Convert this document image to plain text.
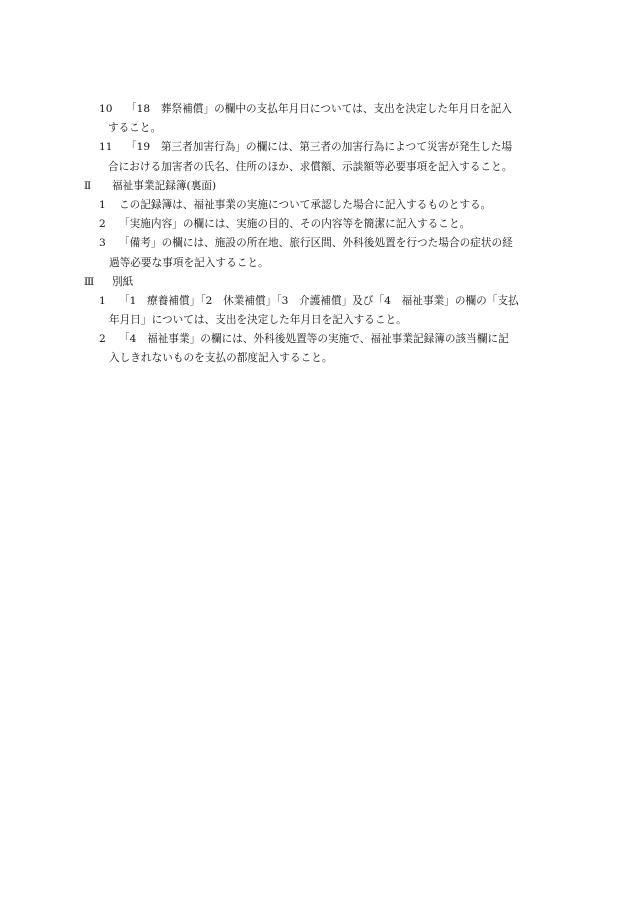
10 「18　葬祭補償」の欄中の支払年月日については、支出を決定した年月日を記入
すること。
11 「19　第三者加害行為」の欄には、第三者の加害行為によつて災害が発生した場
合における加害者の氏名、住所のほか、求償額、示談額等必要事項を記入すること。
Ⅱ 福祉事業記録簿(裏面)
1 この記録簿は、福祉事業の実施について承認した場合に記入するものとする。
2 「実施内容」の欄には、実施の目的、その内容等を簡潔に記入すること。
3 「備考」の欄には、施設の所在地、旅行区間、外科後処置を行つた場合の症状の経
過等必要な事項を記入すること。
Ⅲ 別紙
1 「1　療養補償」「2　休業補償」「3　介護補償」及び「4　福祉事業」の欄の「支払
年月日」については、支出を決定した年月日を記入すること。
2 「4　福祉事業」の欄には、外科後処置等の実施で、福祉事業記録簿の該当欄に記
入しきれないものを支払の都度記入すること。
